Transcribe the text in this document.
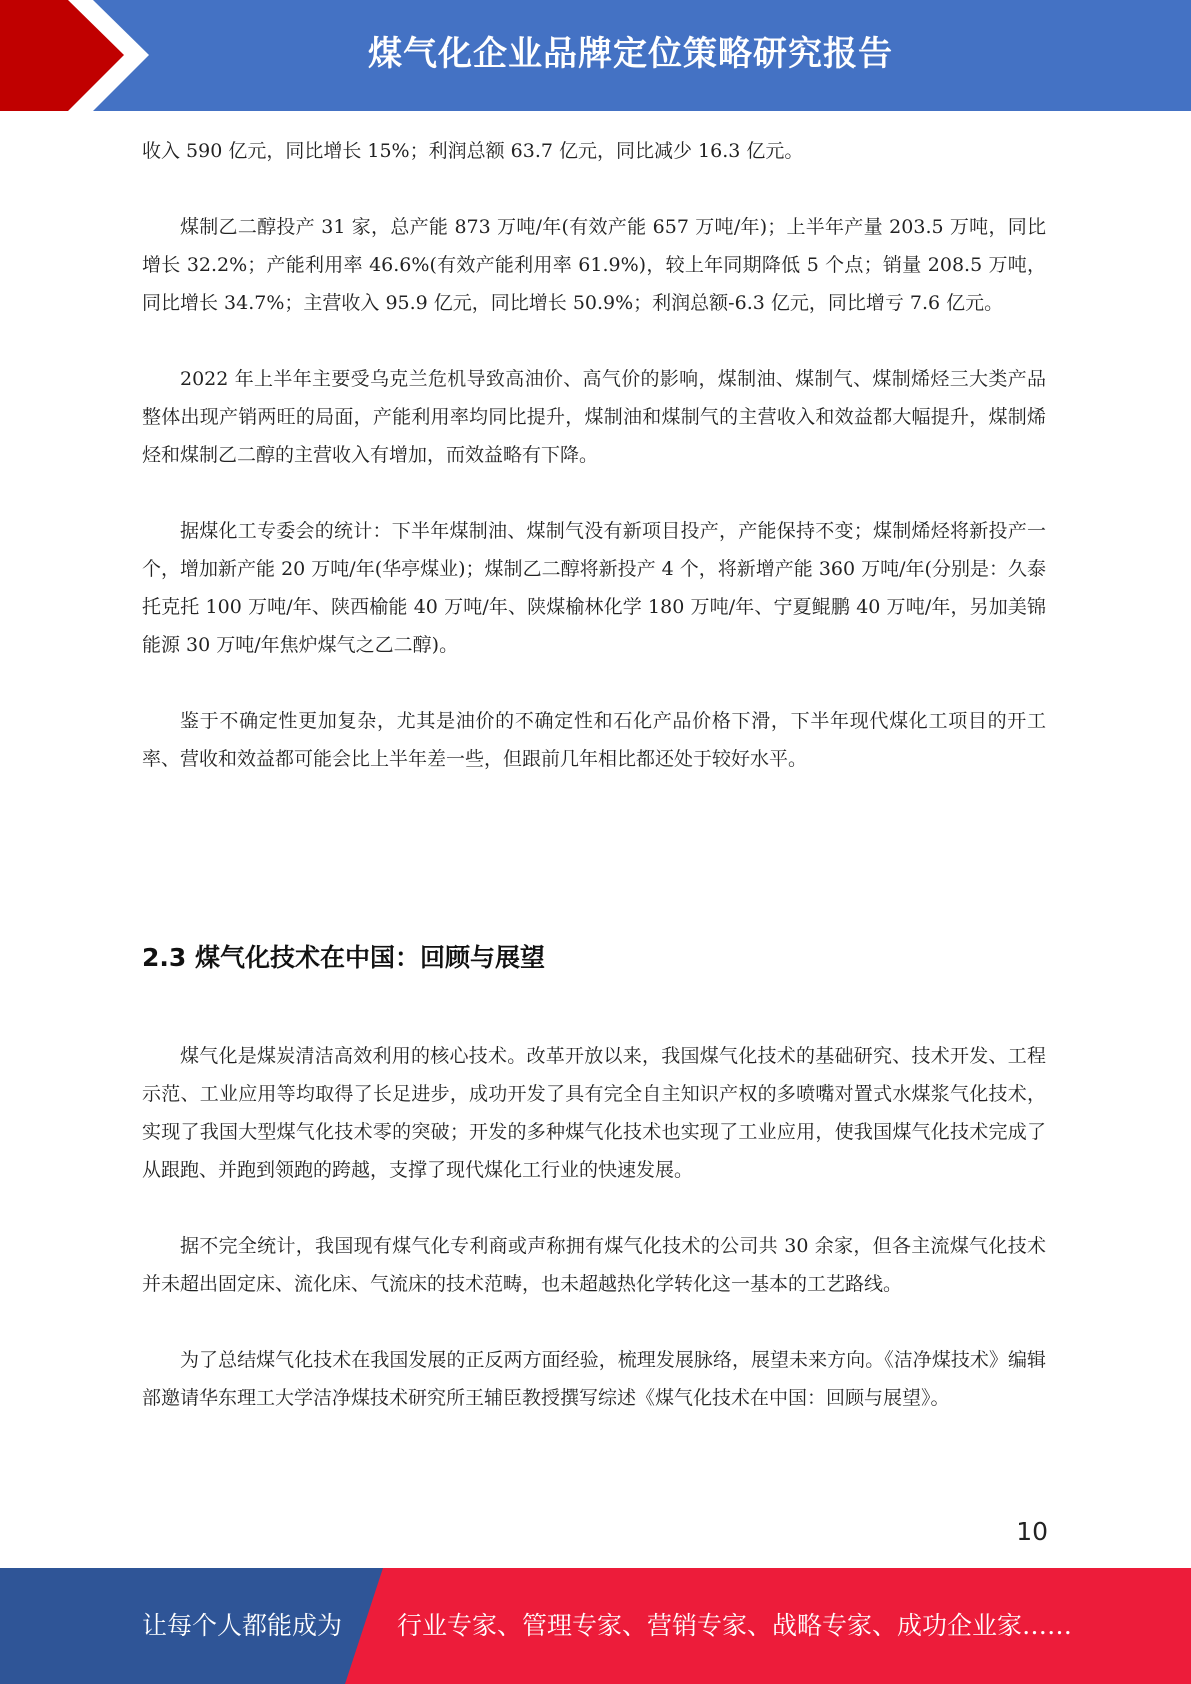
煤气化企业品牌定位策略研究报告

收入 590 亿元，同比增长 15%；利润总额 63.7 亿元，同比减少 16.3 亿元。

煤制乙二醇投产 31 家，总产能 873 万吨/年(有效产能 657 万吨/年)；上半年产量 203.5 万吨，同比增长 32.2%；产能利用率 46.6%(有效产能利用率 61.9%)，较上年同期降低 5 个点；销量 208.5 万吨，同比增长 34.7%；主营收入 95.9 亿元，同比增长 50.9%；利润总额-6.3 亿元，同比增亏 7.6 亿元。

2022 年上半年主要受乌克兰危机导致高油价、高气价的影响，煤制油、煤制气、煤制烯烃三大类产品整体出现产销两旺的局面，产能利用率均同比提升，煤制油和煤制气的主营收入和效益都大幅提升，煤制烯烃和煤制乙二醇的主营收入有增加，而效益略有下降。

据煤化工专委会的统计：下半年煤制油、煤制气没有新项目投产，产能保持不变；煤制烯烃将新投产一个，增加新产能 20 万吨/年(华亭煤业)；煤制乙二醇将新投产 4 个，将新增产能 360 万吨/年(分别是：久泰托克托 100 万吨/年、陕西榆能 40 万吨/年、陕煤榆林化学 180 万吨/年、宁夏鲲鹏 40 万吨/年，另加美锦能源 30 万吨/年焦炉煤气之乙二醇)。

鉴于不确定性更加复杂，尤其是油价的不确定性和石化产品价格下滑，下半年现代煤化工项目的开工率、营收和效益都可能会比上半年差一些，但跟前几年相比都还处于较好水平。

2.3 煤气化技术在中国：回顾与展望

煤气化是煤炭清洁高效利用的核心技术。改革开放以来，我国煤气化技术的基础研究、技术开发、工程示范、工业应用等均取得了长足进步，成功开发了具有完全自主知识产权的多喷嘴对置式水煤浆气化技术，实现了我国大型煤气化技术零的突破；开发的多种煤气化技术也实现了工业应用，使我国煤气化技术完成了从跟跑、并跑到领跑的跨越，支撑了现代煤化工行业的快速发展。

据不完全统计，我国现有煤气化专利商或声称拥有煤气化技术的公司共 30 余家，但各主流煤气化技术并未超出固定床、流化床、气流床的技术范畴，也未超越热化学转化这一基本的工艺路线。

为了总结煤气化技术在我国发展的正反两方面经验，梳理发展脉络，展望未来方向。《洁净煤技术》编辑部邀请华东理工大学洁净煤技术研究所王辅臣教授撰写综述《煤气化技术在中国：回顾与展望》。

10
让每个人都能成为 行业专家、管理专家、营销专家、战略专家、成功企业家……
